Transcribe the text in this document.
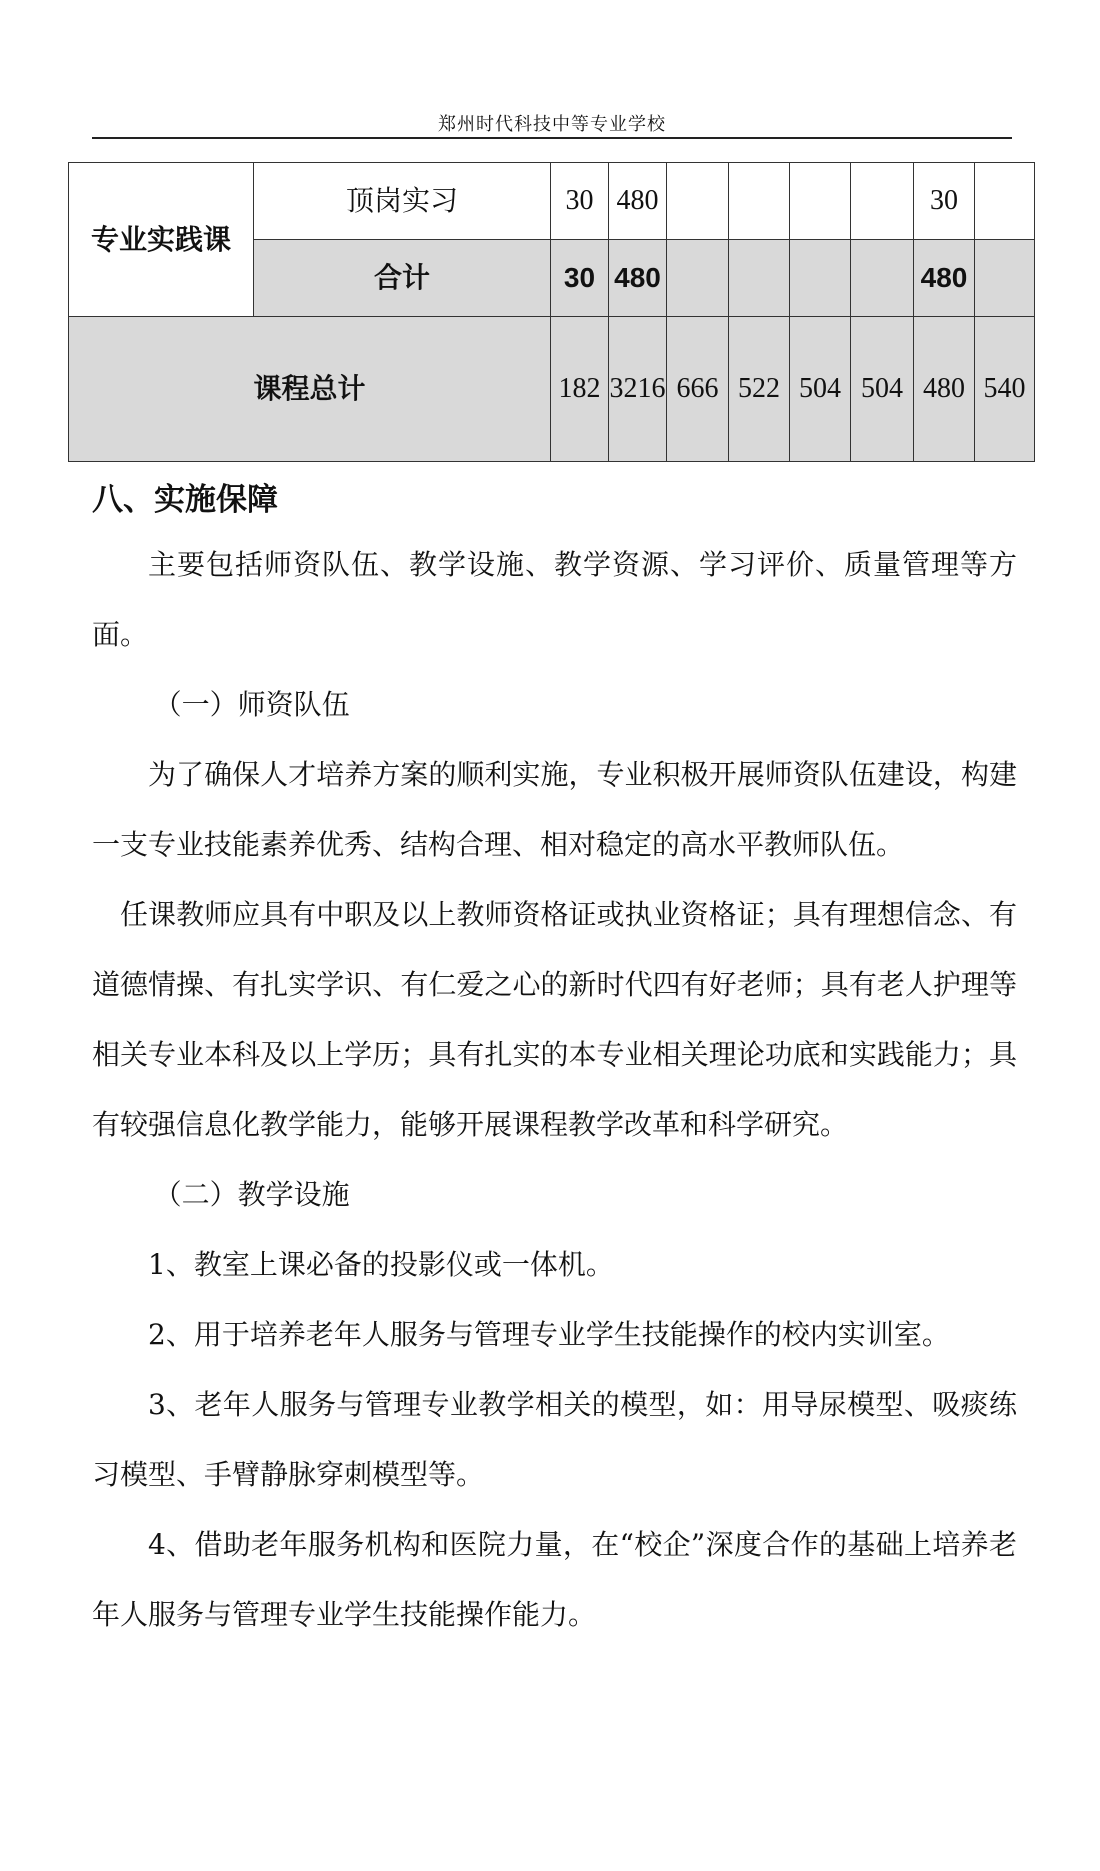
郑州时代科技中等专业学校
专业实践课	顶岗实习	30	480					30	
	合计	30	480					480	
课程总计		182	3216	666	522	504	504	480	540
八、实施保障

主要包括师资队伍、教学设施、教学资源、学习评价、质量管理等方面。

（一）师资队伍

为了确保人才培养方案的顺利实施，专业积极开展师资队伍建设，构建一支专业技能素养优秀、结构合理、相对稳定的高水平教师队伍。

任课教师应具有中职及以上教师资格证或执业资格证；具有理想信念、有道德情操、有扎实学识、有仁爱之心的新时代四有好老师；具有老人护理等相关专业本科及以上学历；具有扎实的本专业相关理论功底和实践能力；具有较强信息化教学能力，能够开展课程教学改革和科学研究。

（二）教学设施

1、教室上课必备的投影仪或一体机。

2、用于培养老年人服务与管理专业学生技能操作的校内实训室。

3、老年人服务与管理专业教学相关的模型，如：用导尿模型、吸痰练习模型、手臂静脉穿刺模型等。

4、借助老年服务机构和医院力量，在“校企”深度合作的基础上培养老年人服务与管理专业学生技能操作能力。
